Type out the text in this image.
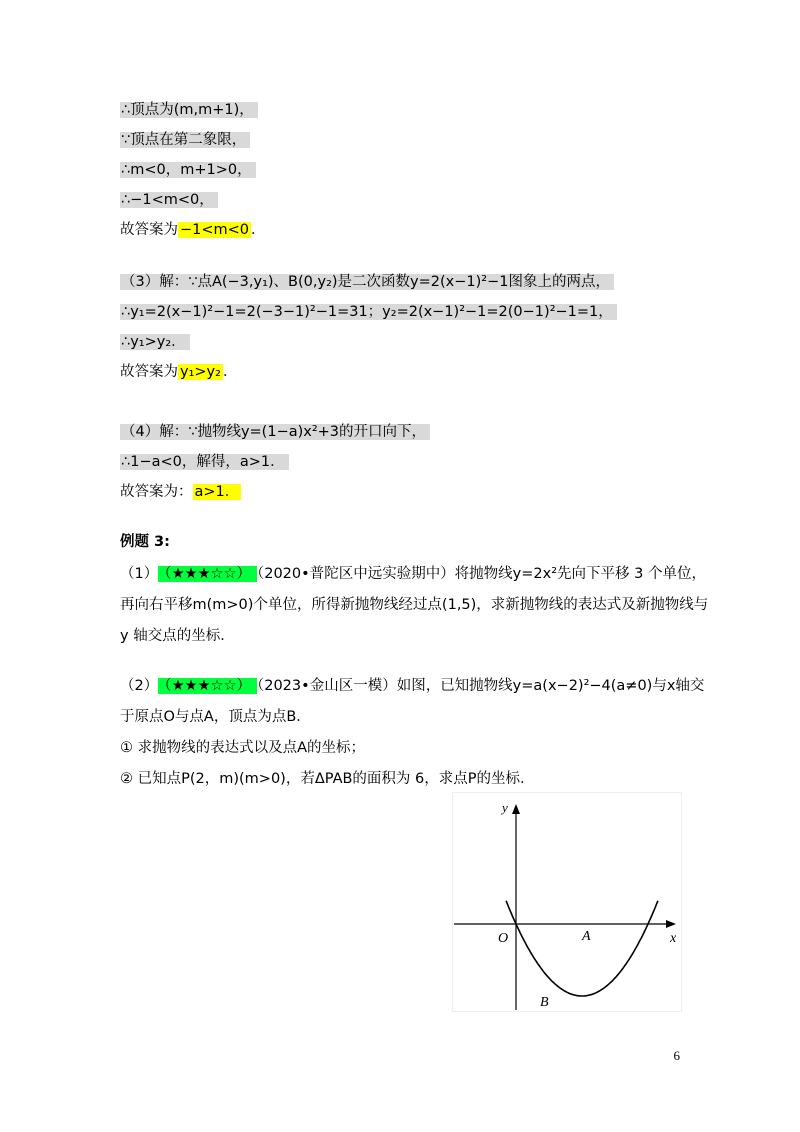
∴顶点为(m,m+1)，
∵顶点在第二象限，
∴m<0，m+1>0，
∴−1<m<0，
故答案为 −1<m<0 ．
（3）解：∵点A(−3,y₁)、B(0,y₂)是二次函数y=2(x−1)²−1图象上的两点，
∴y₁=2(x−1)²−1=2(−3−1)²−1=31；y₂=2(x−1)²−1=2(0−1)²−1=1，
∴y₁>y₂．
故答案为 y₁>y₂ ．
（4）解：∵抛物线y=(1−a)x²+3的开口向下，
∴1−a<0，解得，a>1．
故答案为： a>1．
例题 3:
（1） （★★★☆☆） （2020•普陀区中远实验期中）将抛物线y=2x²先向下平移 3 个单位，
再向右平移m(m>0)个单位，所得新抛物线经过点(1,5)，求新抛物线的表达式及新抛物线与
y 轴交点的坐标．
（2） （★★★☆☆） （2023•金山区一模）如图，已知抛物线y=a(x−2)²−4(a≠0)与x轴交
于原点O与点A，顶点为点B．
① 求抛物线的表达式以及点A的坐标；
② 已知点P(2，m)(m>0)，若ΔPAB的面积为 6，求点P的坐标．
y
x
O	A
B
6
